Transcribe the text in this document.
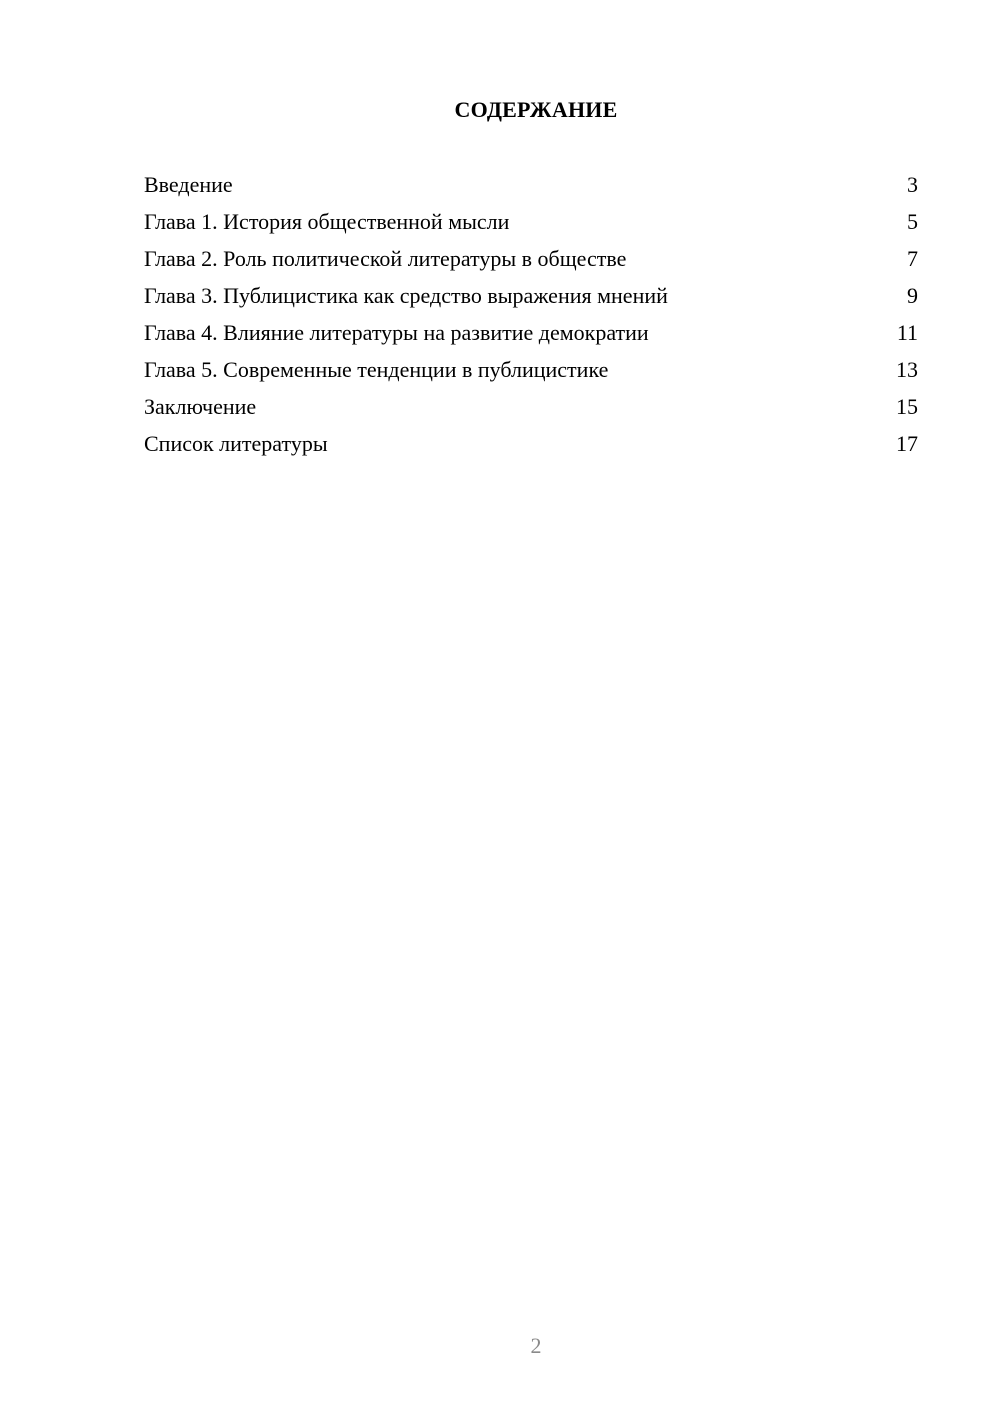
СОДЕРЖАНИЕ
Введение	3
Глава 1. История общественной мысли	5
Глава 2. Роль политической литературы в обществе	7
Глава 3. Публицистика как средство выражения мнений	9
Глава 4. Влияние литературы на развитие демократии	11
Глава 5. Современные тенденции в публицистике	13
Заключение	15
Список литературы	17
2
